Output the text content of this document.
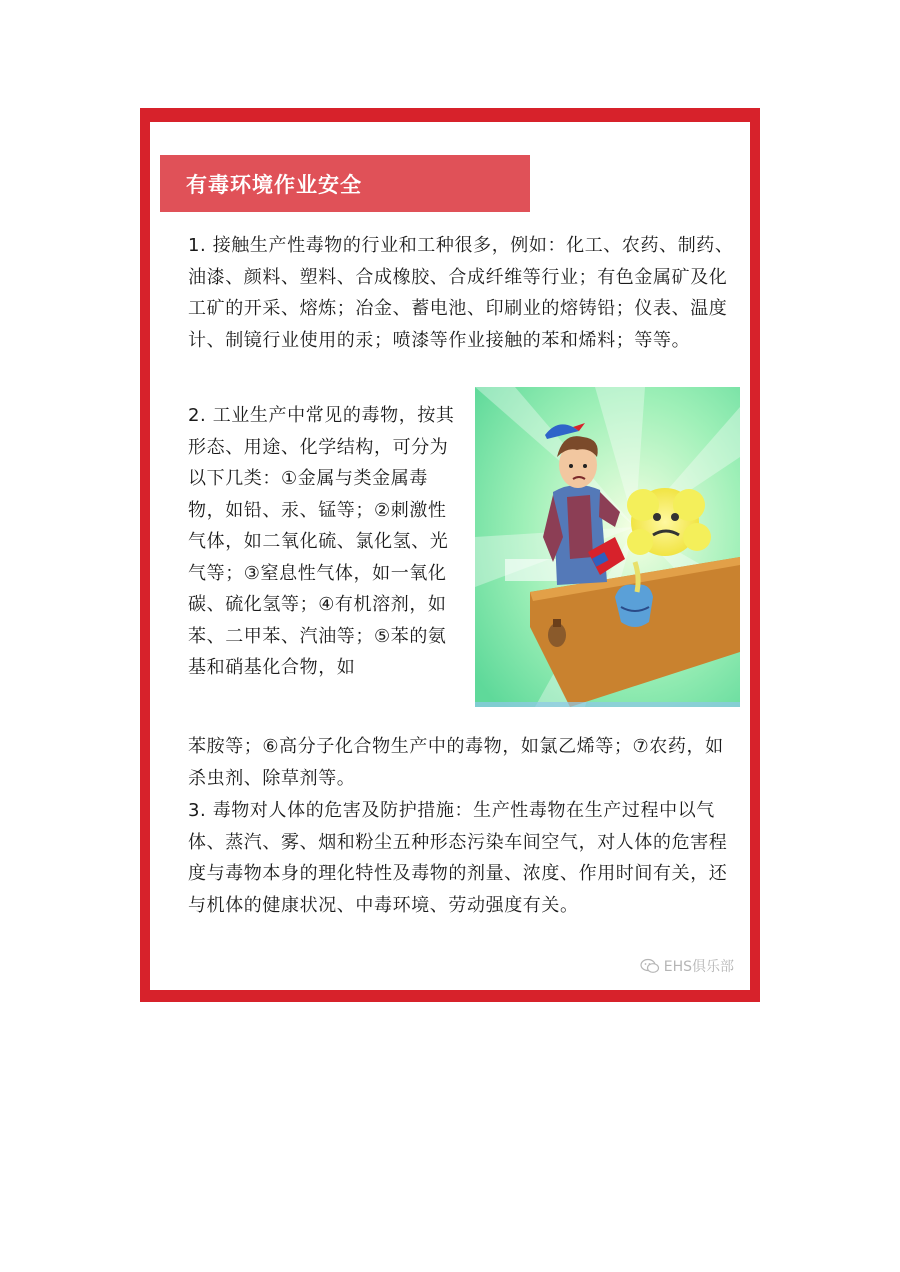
有毒环境作业安全

1. 接触生产性毒物的行业和工种很多，例如：化工、农药、制药、油漆、颜料、塑料、合成橡胶、合成纤维等行业；有色金属矿及化工矿的开采、熔炼；冶金、蓄电池、印刷业的熔铸铅；仪表、温度计、制镜行业使用的汞；喷漆等作业接触的苯和烯料；等等。

2. 工业生产中常见的毒物，按其形态、用途、化学结构，可分为以下几类：①金属与类金属毒物，如铅、汞、锰等；②刺激性气体，如二氧化硫、氯化氢、光气等；③窒息性气体，如一氧化碳、硫化氢等；④有机溶剂，如苯、二甲苯、汽油等；⑤苯的氨基和硝基化合物，如

苯胺等；⑥高分子化合物生产中的毒物，如氯乙烯等；⑦农药，如杀虫剂、除草剂等。

3. 毒物对人体的危害及防护措施：生产性毒物在生产过程中以气体、蒸汽、雾、烟和粉尘五种形态污染车间空气，对人体的危害程度与毒物本身的理化特性及毒物的剂量、浓度、作用时间有关，还与机体的健康状况、中毒环境、劳动强度有关。

EHS俱乐部
